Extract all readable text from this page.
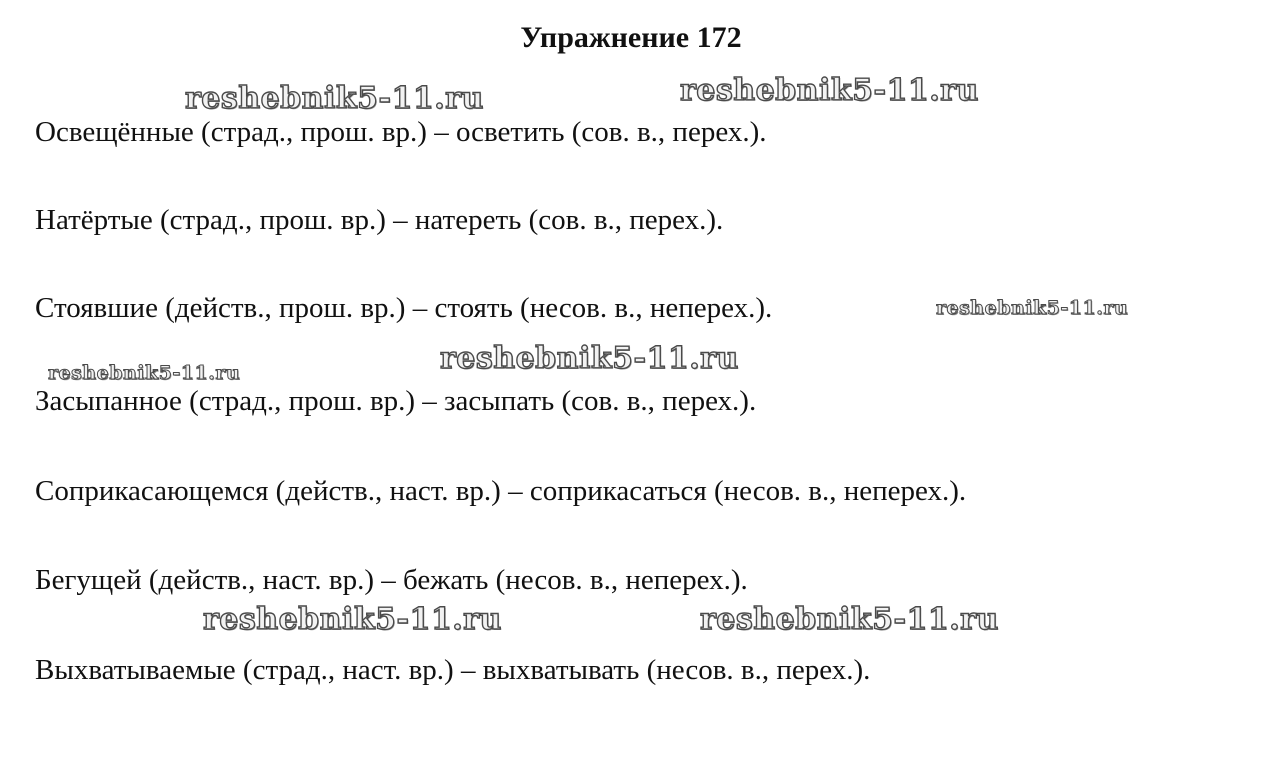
Упражнение 172
Освещённые (страд., прош. вр.) – осветить (сов. в., перех.).
Натёртые (страд., прош. вр.) – натереть (сов. в., перех.).
Стоявшие (действ., прош. вр.) – стоять (несов. в., неперех.).
Засыпанное (страд., прош. вр.) – засыпать (сов. в., перех.).
Соприкасающемся (действ., наст. вр.) – соприкасаться (несов. в., неперех.).
Бегущей (действ., наст. вр.) – бежать (несов. в., неперех.).
Выхватываемые (страд., наст. вр.) – выхватывать (несов. в., перех.).
reshebnik5-11.ru	reshebnik5-11.ru
reshebnik5-11.ru
reshebnik5-11.ru	reshebnik5-11.ru
reshebnik5-11.ru	reshebnik5-11.ru
